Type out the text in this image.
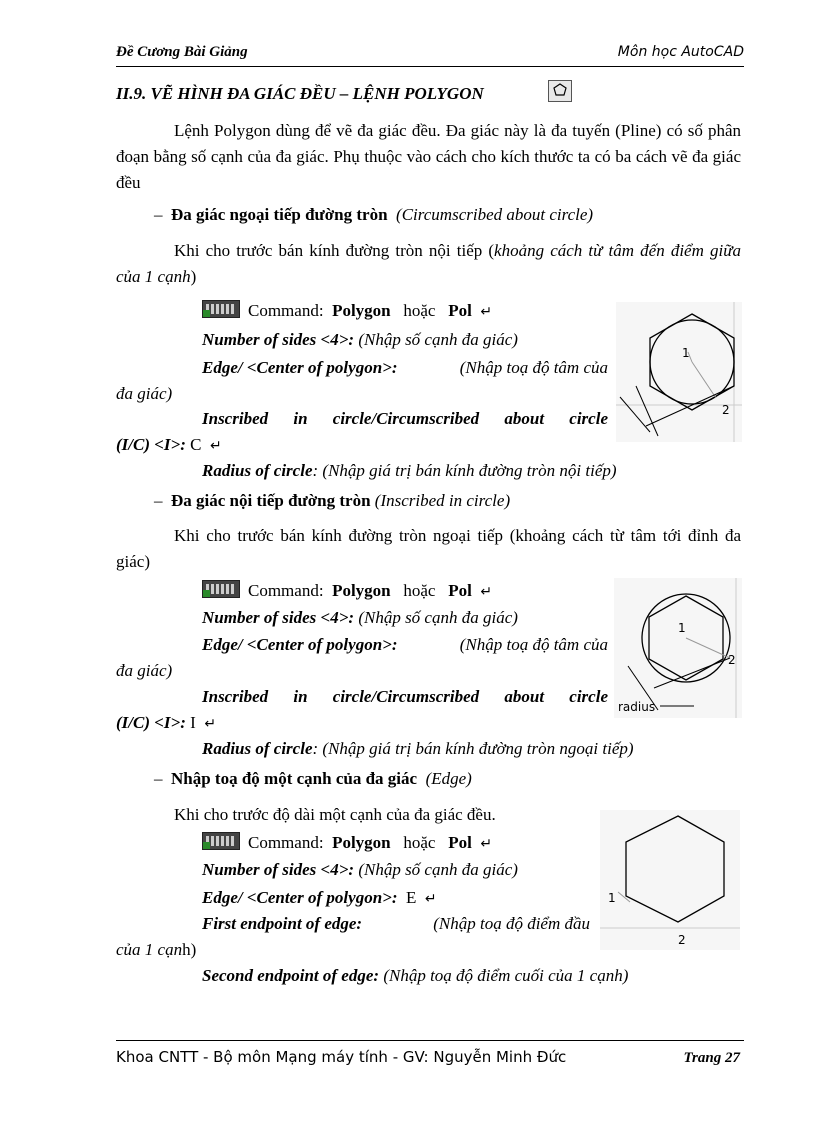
Đề Cương Bài Giảng	Môn học AutoCAD
II.9. VẼ HÌNH ĐA GIÁC ĐỀU – LỆNH POLYGON
Lệnh Polygon dùng để vẽ đa giác đều. Đa giác này là đa tuyến (Pline) có số phân đoạn bằng số cạnh của đa giác. Phụ thuộc vào cách cho kích thước ta có ba cách vẽ đa giác đều
– Đa giác ngoại tiếp đường tròn (Circumscribed about circle)
Khi cho trước bán kính đường tròn nội tiếp (khoảng cách từ tâm đến điểm giữa của 1 cạnh)
Command: Polygon hoặc Pol ↵
Number of sides <4>: (Nhập số cạnh đa giác)
Edge/ <Center of polygon>:	(Nhập toạ độ tâm của
đa giác)
Inscribed in circle/Circumscribed about circle
(I/C) <I>: C ↵
Radius of circle: (Nhập giá trị bán kính đường tròn nội tiếp)
1
2
– Đa giác nội tiếp đường tròn (Inscribed in circle)
Khi cho trước bán kính đường tròn ngoại tiếp (khoảng cách từ tâm tới đỉnh đa giác)
Command: Polygon hoặc Pol ↵
Number of sides <4>: (Nhập số cạnh đa giác)
Edge/ <Center of polygon>:	(Nhập toạ độ tâm của
đa giác)
Inscribed in circle/Circumscribed about circle
(I/C) <I>: I ↵
Radius of circle: (Nhập giá trị bán kính đường tròn ngoại tiếp)
1
2
radius
– Nhập toạ độ một cạnh của đa giác (Edge)
Khi cho trước độ dài một cạnh của đa giác đều.
Command: Polygon hoặc Pol ↵
Number of sides <4>: (Nhập số cạnh đa giác)
Edge/ <Center of polygon>: E ↵
First endpoint of edge:	(Nhập toạ độ điểm đầu
của 1 cạnh)
Second endpoint of edge: (Nhập toạ độ điểm cuối của 1 cạnh)
1
2
Khoa CNTT - Bộ môn Mạng máy tính - GV: Nguyễn Minh Đức	Trang 27
